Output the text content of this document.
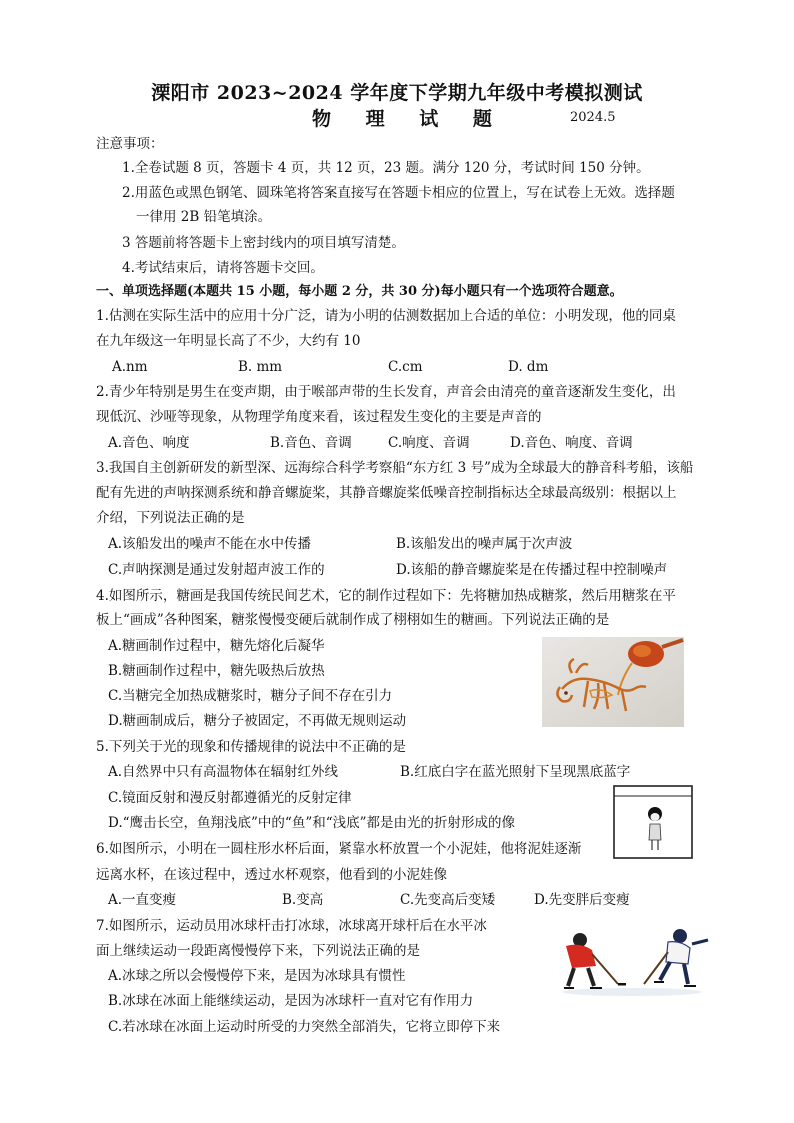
溧阳市 2023~2024 学年度下学期九年级中考模拟测试
物 理 试 题	2024.5
注意事项：
1.全卷试题 8 页，答题卡 4 页，共 12 页，23 题。满分 120 分，考试时间 150 分钟。
2.用蓝色或黑色钢笔、圆珠笔将答案直接写在答题卡相应的位置上，写在试卷上无效。选择题
一律用 2B 铅笔填涂。
3 答题前将答题卡上密封线内的项目填写清楚。
4.考试结束后，请将答题卡交回。
一、单项选择题(本题共 15 小题，每小题 2 分，共 30 分)每小题只有一个选项符合题意。
1.估测在实际生活中的应用十分广泛，请为小明的估测数据加上合适的单位：小明发现，他的同桌
在九年级这一年明显长高了不少，大约有 10
A.nm	B. mm	C.cm	D. dm
2.青少年特别是男生在变声期，由于喉部声带的生长发育，声音会由清亮的童音逐渐发生变化，出
现低沉、沙哑等现象，从物理学角度来看，该过程发生变化的主要是声音的
A.音色、响度	B.音色、音调	C.响度、音调	D.音色、响度、音调
3.我国自主创新研发的新型深、远海综合科学考察船“东方红 3 号”成为全球最大的静音科考船，该船
配有先进的声呐探测系统和静音螺旋桨，其静音螺旋桨低噪音控制指标达全球最高级别：根据以上
介绍，下列说法正确的是
A.该船发出的噪声不能在水中传播	B.该船发出的噪声属于次声波
C.声呐探测是通过发射超声波工作的	D.该船的静音螺旋桨是在传播过程中控制噪声
4.如图所示，糖画是我国传统民间艺术，它的制作过程如下：先将糖加热成糖浆，然后用糖浆在平
板上“画成”各种图案，糖浆慢慢变硬后就制作成了栩栩如生的糖画。下列说法正确的是
A.糖画制作过程中，糖先熔化后凝华
B.糖画制作过程中，糖先吸热后放热
C.当糖完全加热成糖浆时，糖分子间不存在引力
D.糖画制成后，糖分子被固定，不再做无规则运动
5.下列关于光的现象和传播规律的说法中不正确的是
A.自然界中只有高温物体在辐射红外线	B.红底白字在蓝光照射下呈现黑底蓝字
C.镜面反射和漫反射都遵循光的反射定律
D.“鹰击长空，鱼翔浅底”中的“鱼”和“浅底”都是由光的折射形成的像
6.如图所示，小明在一圆柱形水杯后面，紧靠水杯放置一个小泥娃，他将泥娃逐渐
远离水杯，在该过程中，透过水杯观察，他看到的小泥娃像
A.一直变瘦	B.变高	C.先变高后变矮	D.先变胖后变瘦
7.如图所示，运动员用冰球杆击打冰球，冰球离开球杆后在水平冰
面上继续运动一段距离慢慢停下来，下列说法正确的是
A.冰球之所以会慢慢停下来，是因为冰球具有惯性
B.冰球在冰面上能继续运动，是因为冰球杆一直对它有作用力
C.若冰球在冰面上运动时所受的力突然全部消失，它将立即停下来
